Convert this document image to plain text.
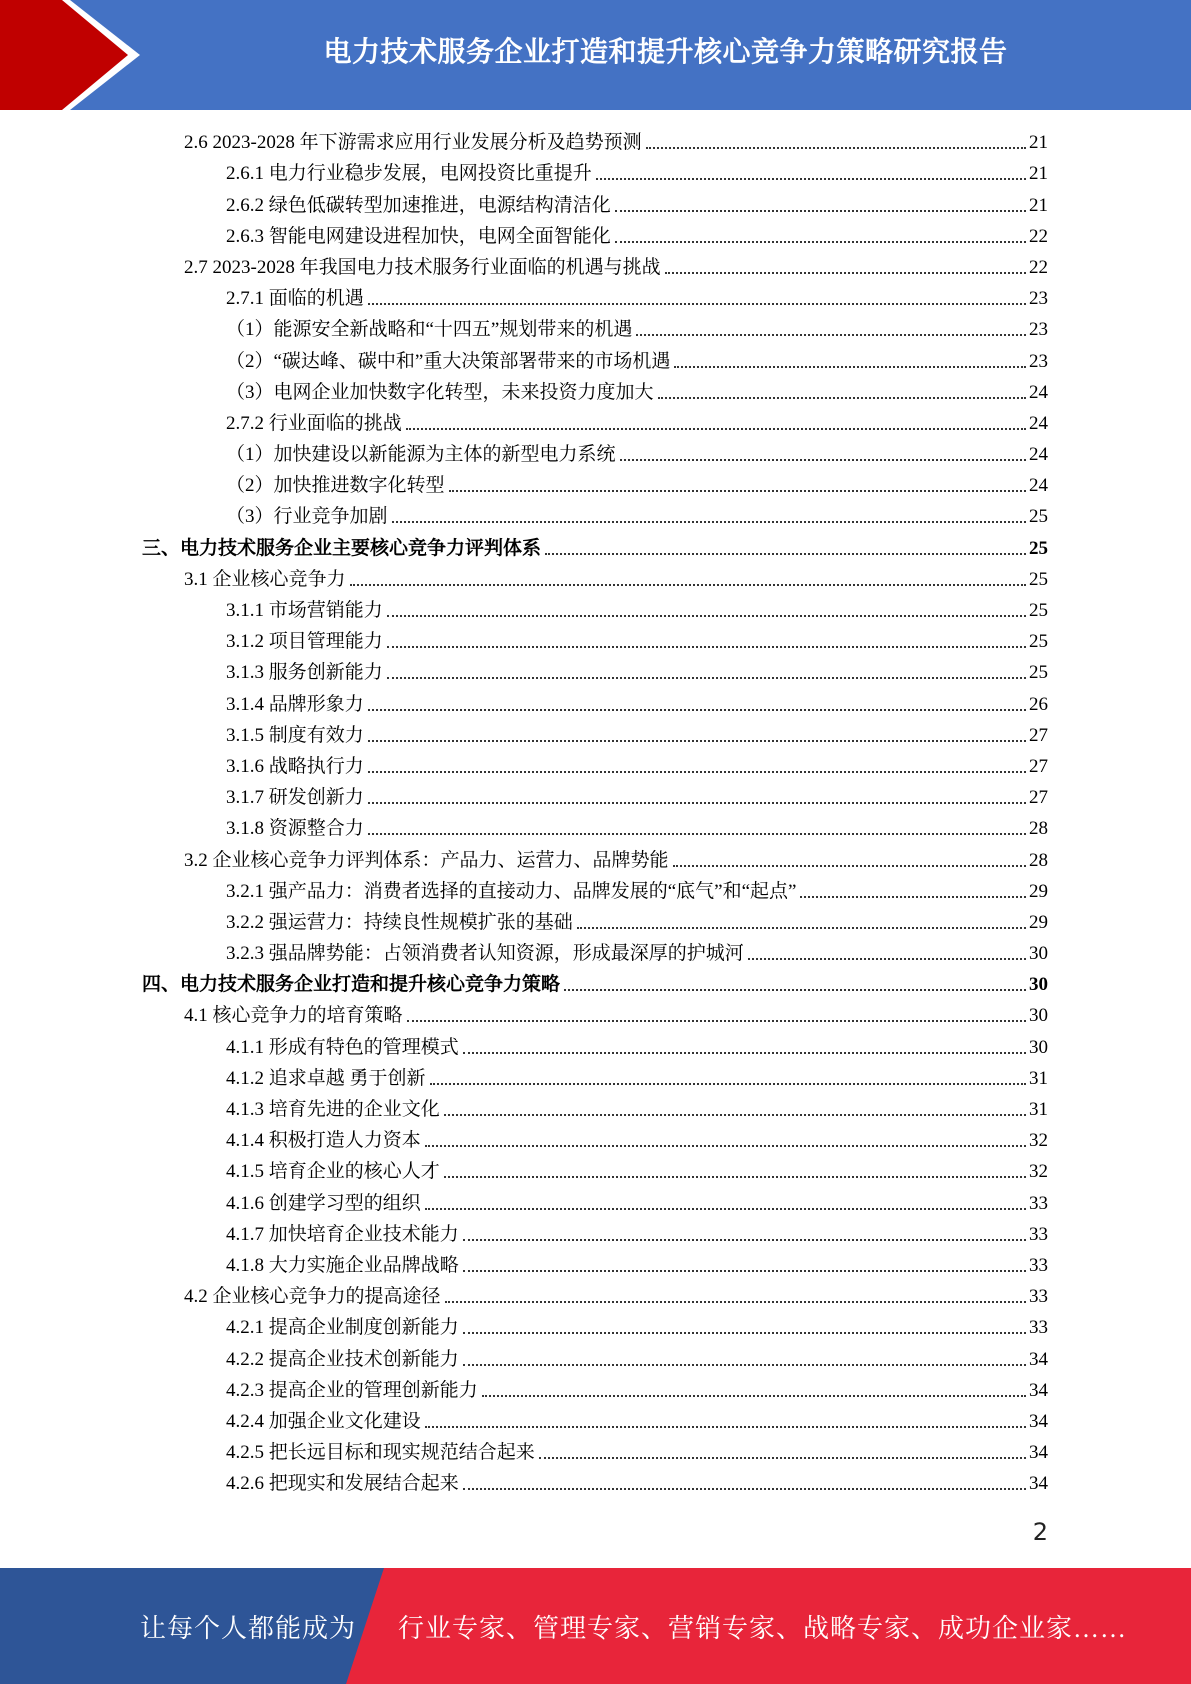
电力技术服务企业打造和提升核心竞争力策略研究报告
2.6 2023-2028 年下游需求应用行业发展分析及趋势预测	21
2.6.1 电力行业稳步发展，电网投资比重提升	21
2.6.2 绿色低碳转型加速推进，电源结构清洁化	21
2.6.3 智能电网建设进程加快，电网全面智能化	22
2.7 2023-2028 年我国电力技术服务行业面临的机遇与挑战	22
2.7.1 面临的机遇	23
（1）能源安全新战略和“十四五”规划带来的机遇	23
（2）“碳达峰、碳中和”重大决策部署带来的市场机遇	23
（3）电网企业加快数字化转型，未来投资力度加大	24
2.7.2 行业面临的挑战	24
（1）加快建设以新能源为主体的新型电力系统	24
（2）加快推进数字化转型	24
（3）行业竞争加剧	25
三、电力技术服务企业主要核心竞争力评判体系	25
3.1 企业核心竞争力	25
3.1.1 市场营销能力	25
3.1.2 项目管理能力	25
3.1.3 服务创新能力	25
3.1.4 品牌形象力	26
3.1.5 制度有效力	27
3.1.6 战略执行力	27
3.1.7 研发创新力	27
3.1.8 资源整合力	28
3.2 企业核心竞争力评判体系：产品力、运营力、品牌势能	28
3.2.1 强产品力：消费者选择的直接动力、品牌发展的“底气”和“起点”	29
3.2.2 强运营力：持续良性规模扩张的基础	29
3.2.3 强品牌势能：占领消费者认知资源，形成最深厚的护城河	30
四、电力技术服务企业打造和提升核心竞争力策略	30
4.1 核心竞争力的培育策略	30
4.1.1 形成有特色的管理模式	30
4.1.2 追求卓越 勇于创新	31
4.1.3 培育先进的企业文化	31
4.1.4 积极打造人力资本	32
4.1.5 培育企业的核心人才	32
4.1.6 创建学习型的组织	33
4.1.7 加快培育企业技术能力	33
4.1.8 大力实施企业品牌战略	33
4.2 企业核心竞争力的提高途径	33
4.2.1 提高企业制度创新能力	33
4.2.2 提高企业技术创新能力	34
4.2.3 提高企业的管理创新能力	34
4.2.4 加强企业文化建设	34
4.2.5 把长远目标和现实规范结合起来	34
4.2.6 把现实和发展结合起来	34
2
让每个人都能成为 行业专家、管理专家、营销专家、战略专家、成功企业家……
